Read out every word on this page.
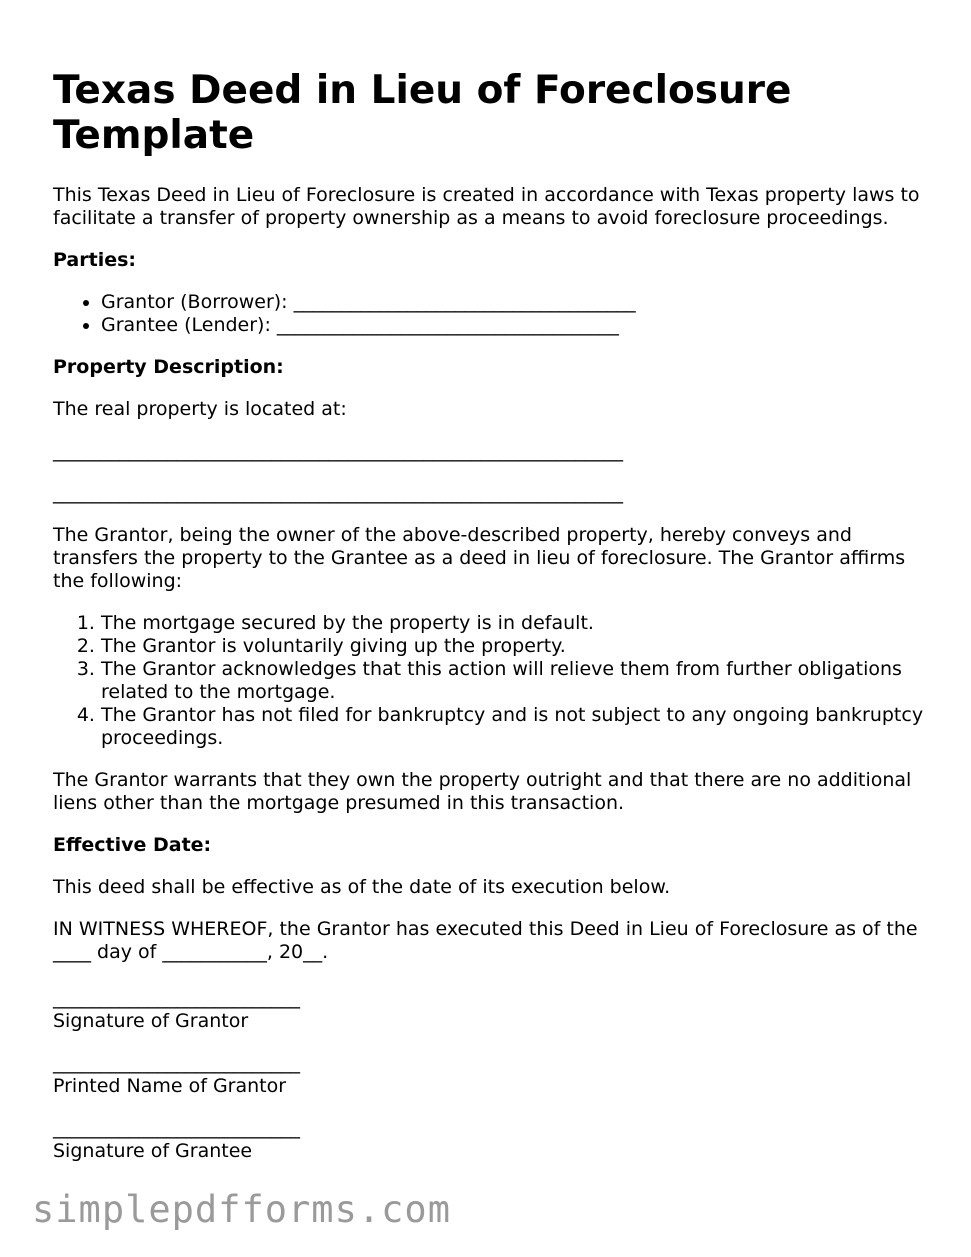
Texas Deed in Lieu of Foreclosure
Template

This Texas Deed in Lieu of Foreclosure is created in accordance with Texas property laws to facilitate a transfer of property ownership as a means to avoid foreclosure proceedings.

Parties:
• Grantor (Borrower): ____________________________________
• Grantee (Lender): ____________________________________
Property Description:

The real property is located at:

____________________________________________________________
____________________________________________________________

The Grantor, being the owner of the above-described property, hereby conveys and transfers the property to the Grantee as a deed in lieu of foreclosure. The Grantor affirms the following:

1. The mortgage secured by the property is in default.
2. The Grantor is voluntarily giving up the property.
3. The Grantor acknowledges that this action will relieve them from further obligations related to the mortgage.
4. The Grantor has not filed for bankruptcy and is not subject to any ongoing bankruptcy proceedings.

The Grantor warrants that they own the property outright and that there are no additional liens other than the mortgage presumed in this transaction.

Effective Date:

This deed shall be effective as of the date of its execution below.

IN WITNESS WHEREOF, the Grantor has executed this Deed in Lieu of Foreclosure as of the ____ day of ___________, 20__.

__________________________
Signature of Grantor
__________________________
Printed Name of Grantor
__________________________
Signature of Grantee
simplepdfforms.com
